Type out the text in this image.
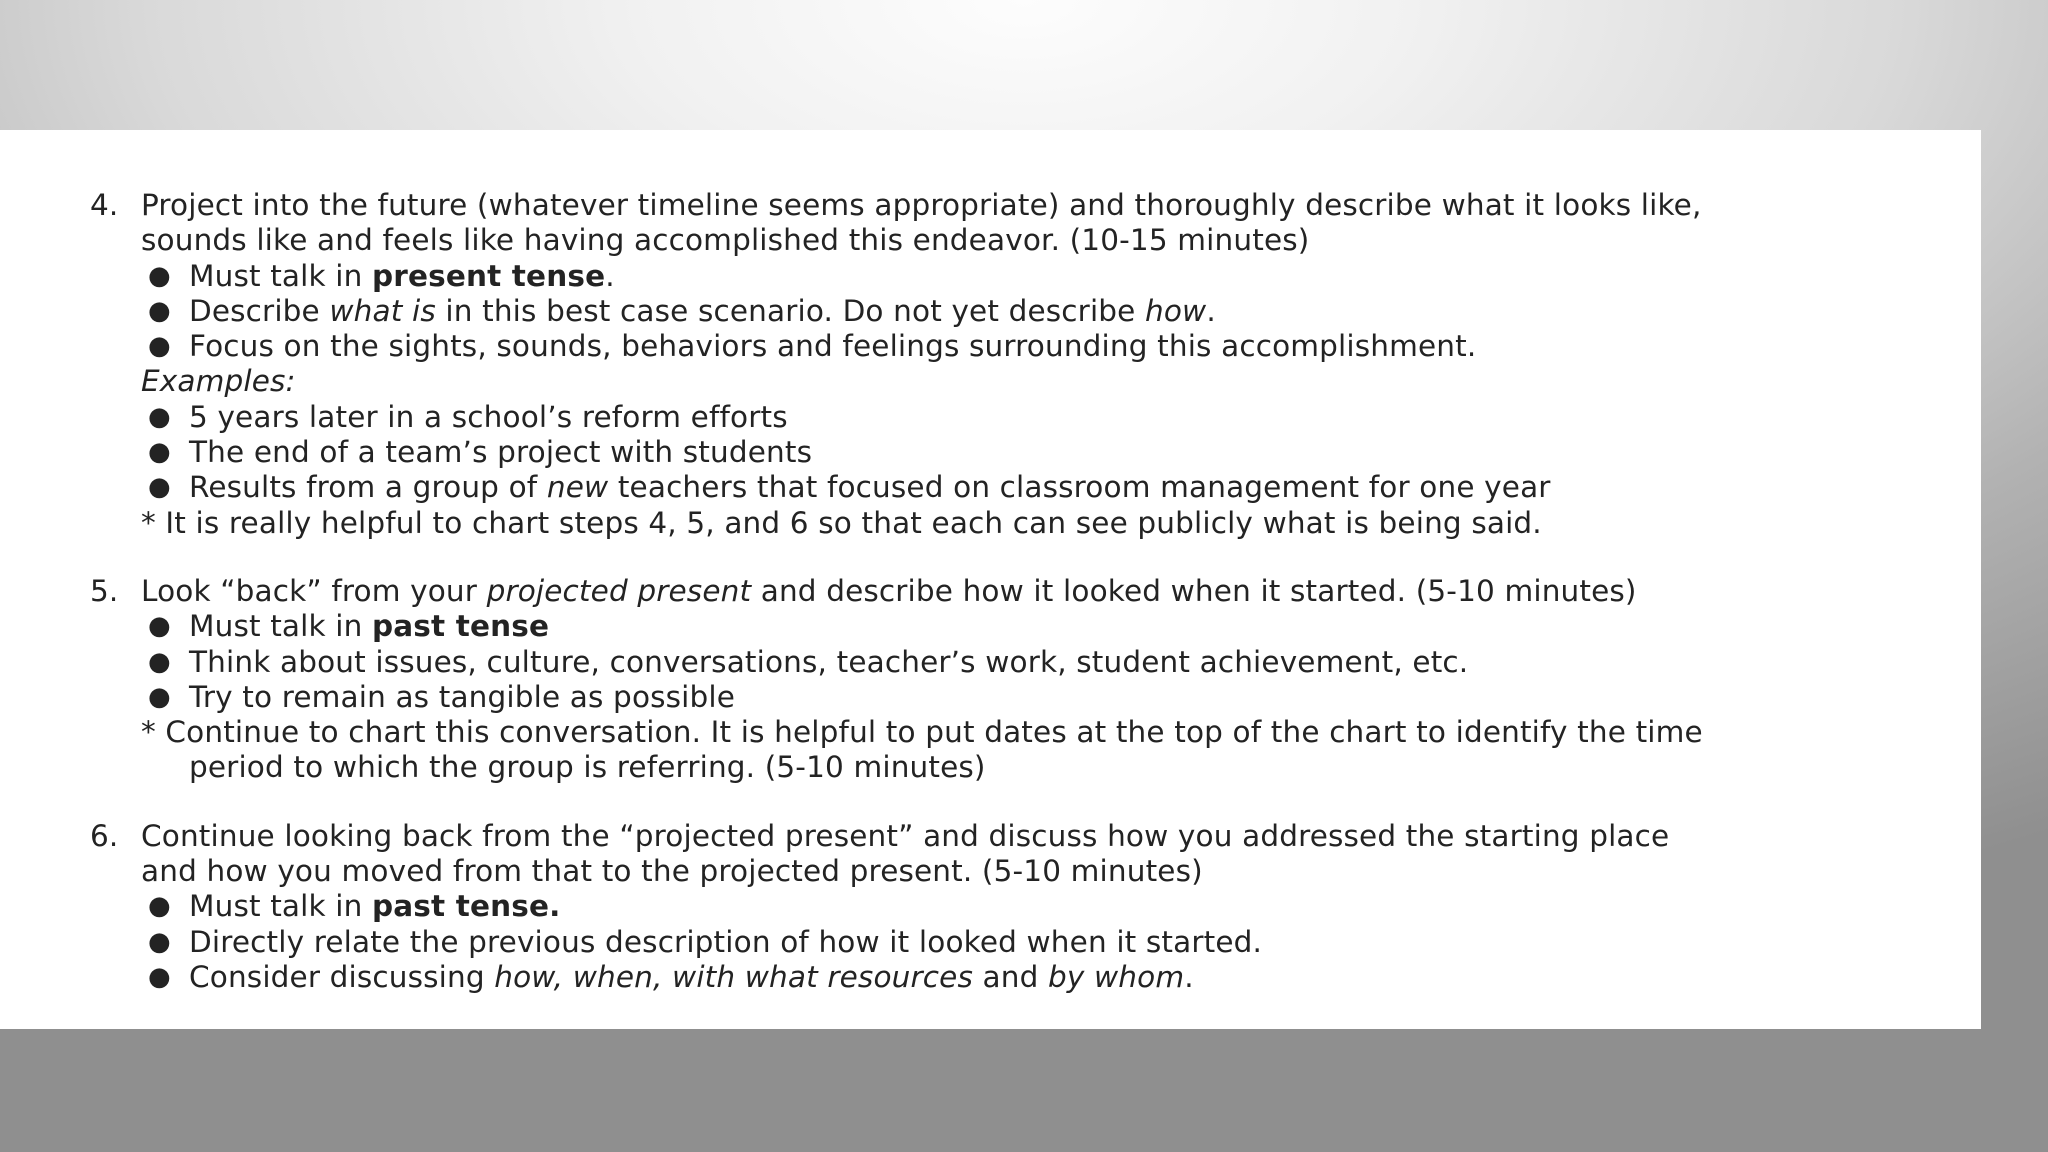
4. Project into the future (whatever timeline seems appropriate) and thoroughly describe what it looks like,
sounds like and feels like having accomplished this endeavor. (10-15 minutes)
● Must talk in present tense.
● Describe what is in this best case scenario. Do not yet describe how.
● Focus on the sights, sounds, behaviors and feelings surrounding this accomplishment.
Examples:
● 5 years later in a school’s reform efforts
● The end of a team’s project with students
● Results from a group of new teachers that focused on classroom management for one year
* It is really helpful to chart steps 4, 5, and 6 so that each can see publicly what is being said.
5. Look “back” from your projected present and describe how it looked when it started. (5-10 minutes)
● Must talk in past tense
● Think about issues, culture, conversations, teacher’s work, student achievement, etc.
● Try to remain as tangible as possible
* Continue to chart this conversation. It is helpful to put dates at the top of the chart to identify the time
period to which the group is referring. (5-10 minutes)
6. Continue looking back from the “projected present” and discuss how you addressed the starting place
and how you moved from that to the projected present. (5-10 minutes)
● Must talk in past tense.
● Directly relate the previous description of how it looked when it started.
● Consider discussing how, when, with what resources and by whom.
